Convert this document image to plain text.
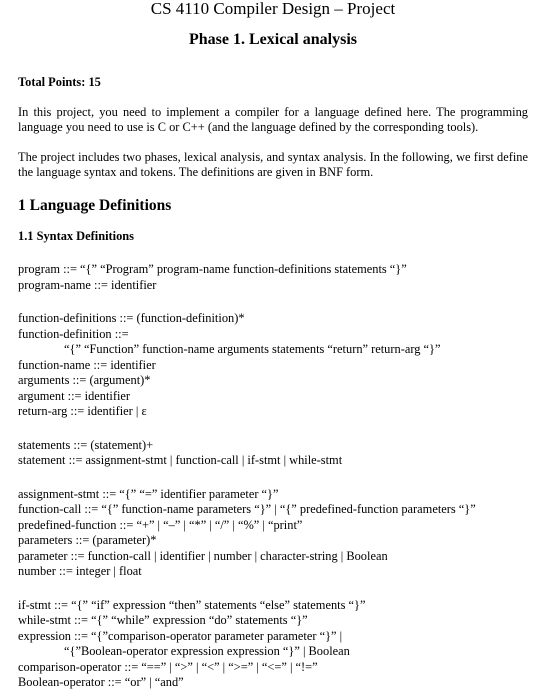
CS 4110 Compiler Design – Project
Phase 1. Lexical analysis
Total Points: 15
In this project, you need to implement a compiler for a language defined here. The programming language you need to use is C or C++ (and the language defined by the corresponding tools).
The project includes two phases, lexical analysis, and syntax analysis. In the following, we first define the language syntax and tokens. The definitions are given in BNF form.
1 Language Definitions
1.1 Syntax Definitions
program ::= “{” “Program” program-name function-definitions statements “}”
program-name ::= identifier
function-definitions ::= (function-definition)*
function-definition ::=
“{” “Function” function-name arguments statements “return” return-arg “}”
function-name ::= identifier
arguments ::= (argument)*
argument ::= identifier
return-arg ::= identifier | ε
statements ::= (statement)+
statement ::= assignment-stmt | function-call | if-stmt | while-stmt
assignment-stmt ::= “{” “=” identifier parameter “}”
function-call ::= “{” function-name parameters “}” | “{” predefined-function parameters “}”
predefined-function ::= “+” | “–” | “*” | “/” | “%” | “print”
parameters ::= (parameter)*
parameter ::= function-call | identifier | number | character-string | Boolean
number ::= integer | float
if-stmt ::= “{” “if” expression “then” statements “else” statements “}”
while-stmt ::= “{” “while” expression “do” statements “}”
expression ::= “{”comparison-operator parameter parameter “}” |
“{”Boolean-operator expression expression “}” | Boolean
comparison-operator ::= “==” | “>” | “<” | “>=” | “<=” | “!=”
Boolean-operator ::= “or” | “and”
